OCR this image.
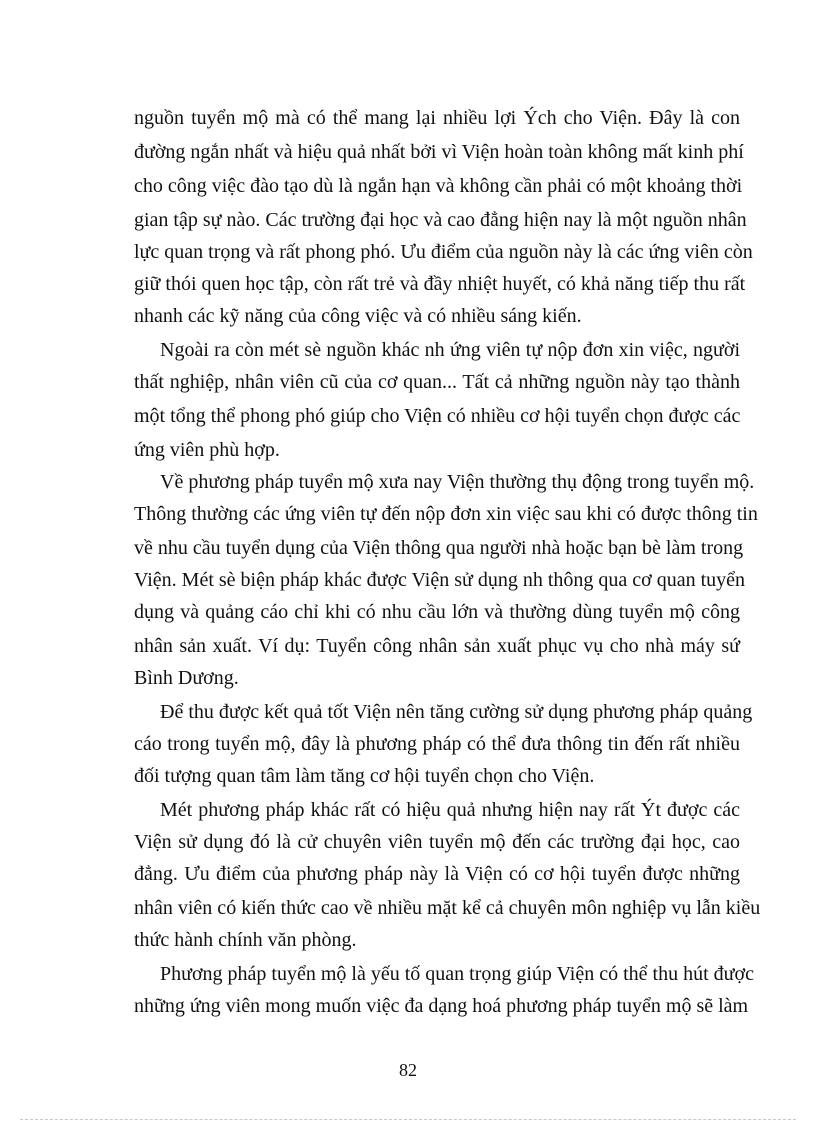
nguồn tuyển mộ mà có thể mang lại nhiều lợi Ých cho Viện. Đây là con
đường ngắn nhất và hiệu quả nhất bởi vì Viện hoàn toàn không mất kinh phí
cho công việc đào tạo dù là ngắn hạn và không cần phải có một khoảng thời
gian tập sự nào. Các trường đại học và cao đẳng hiện nay là một nguồn nhân
lực quan trọng và rất phong phó. Ưu điểm của nguồn này là các ứng viên còn
giữ thói quen học tập, còn rất trẻ và đầy nhiệt huyết, có khả năng tiếp thu rất
nhanh các kỹ năng của công việc và có nhiều sáng kiến.
Ngoài ra còn mét sè nguồn khác nh ứng viên tự nộp đơn xin việc, người
thất nghiệp, nhân viên cũ của cơ quan... Tất cả những nguồn này tạo thành
một tổng thể phong phó giúp cho Viện có nhiều cơ hội tuyển chọn được các
ứng viên phù hợp.
Về phương pháp tuyển mộ xưa nay Viện thường thụ động trong tuyển mộ.
Thông thường các ứng viên tự đến nộp đơn xin việc sau khi có được thông tin
về nhu cầu tuyển dụng của Viện thông qua người nhà hoặc bạn bè làm trong
Viện. Mét sè biện pháp khác được Viện sử dụng nh thông qua cơ quan tuyển
dụng và quảng cáo chỉ khi có nhu cầu lớn và thường dùng tuyển mộ công
nhân sản xuất. Ví dụ: Tuyển công nhân sản xuất phục vụ cho nhà máy sứ
Bình Dương.
Để thu được kết quả tốt Viện nên tăng cường sử dụng phương pháp quảng
cáo trong tuyển mộ, đây là phương pháp có thể đưa thông tin đến rất nhiều
đối tượng quan tâm làm tăng cơ hội tuyển chọn cho Viện.
Mét phương pháp khác rất có hiệu quả nhưng hiện nay rất Ýt được các
Viện sử dụng đó là cử chuyên viên tuyển mộ đến các trường đại học, cao
đẳng. Ưu điểm của phương pháp này là Viện có cơ hội tuyển được những
nhân viên có kiến thức cao về nhiều mặt kể cả chuyên môn nghiệp vụ lẫn kiều
thức hành chính văn phòng.
Phương pháp tuyển mộ là yếu tố quan trọng giúp Viện có thể thu hút được
những ứng viên mong muốn việc đa dạng hoá phương pháp tuyển mộ sẽ làm
82
